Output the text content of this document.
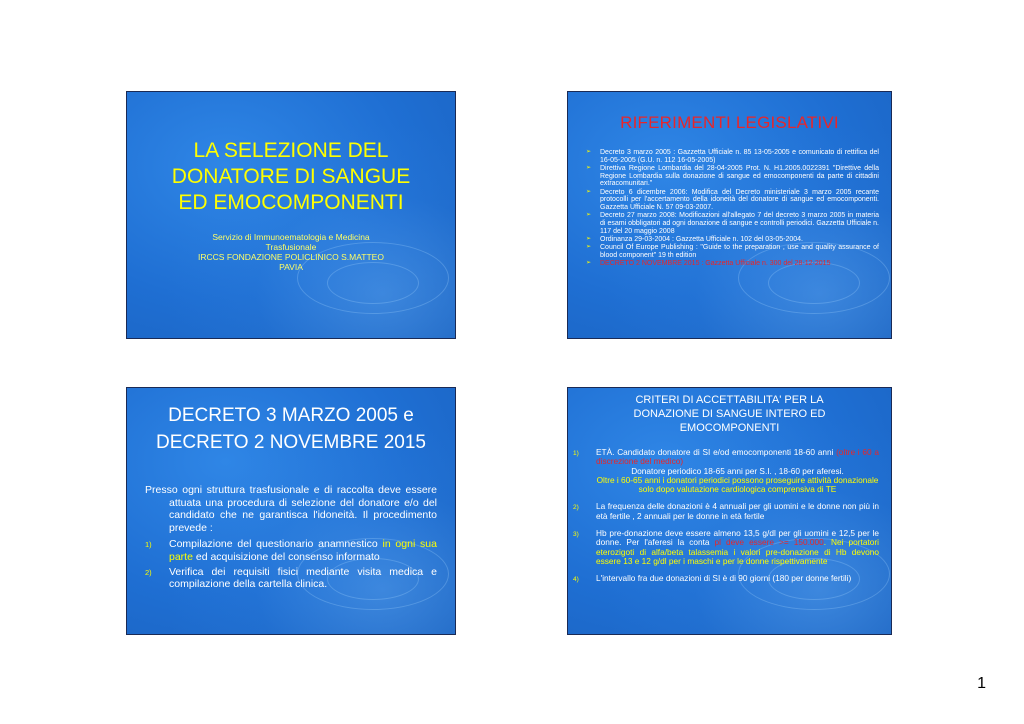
LA SELEZIONE DEL
DONATORE DI SANGUE
ED EMOCOMPONENTI
Servizio di Immunoematologia e Medicina
Trasfusionale
IRCCS FONDAZIONE POLICLINICO S.MATTEO
PAVIA
RIFERIMENTI LEGISLATIVI
➢ Decreto 3 marzo 2005 : Gazzetta Ufficiale n. 85 13-05-2005 e comunicato di rettifica del 16-05-2005 (G.U. n. 112 16-05-2005)
➢ Direttiva Regione Lombardia del 28-04-2005 Prot. N. H1.2005.0022391 "Direttive della Regione Lombardia sulla donazione di sangue ed emocomponenti da parte di cittadini extracomunitari."
➢ Decreto 6 dicembre 2006: Modifica del Decreto ministeriale 3 marzo 2005 recante protocolli per l'accertamento della idoneità del donatore di sangue ed emocomponenti. Gazzetta Ufficiale N. 57 09-03-2007.
➢ Decreto 27 marzo 2008: Modificazioni all'allegato 7 del decreto 3 marzo 2005 in materia di esami obbligatori ad ogni donazione di sangue e controlli periodici. Gazzetta Ufficiale n. 117 del 20 maggio 2008
➢ Ordinanza 29-03-2004 : Gazzetta Ufficiale n. 102 del 03-05-2004.
➢ Council Of Europe Publishing : "Guide to the preparation , use and quality assurance of blood component" 19 th edition
➢ DECRETO 2 NOVEMBRE 2015 : Gazzetta Ufficiale n. 300 del 28-12-2015
DECRETO 3 MARZO 2005 e
DECRETO 2 NOVEMBRE 2015

Presso ogni struttura trasfusionale e di raccolta deve essere attuata una procedura di selezione del donatore e/o del candidato che ne garantisca l'idoneità. Il procedimento prevede :

1) Compilazione del questionario anamnestico in ogni sua parte ed acquisizione del consenso informato
2) Verifica dei requisiti fisici mediante visita medica e compilazione della cartella clinica.
CRITERI DI ACCETTABILITA' PER LA
DONAZIONE DI SANGUE INTERO ED
EMOCOMPONENTI
1) ETÀ. Candidato donatore di SI e/od emocomponenti 18-60 anni (oltre i 60 a discrezione del medico)
Donatore periodico 18-65 anni per S.I. , 18-60 per aferesi.
Oltre i 60-65 anni i donatori periodici possono proseguire attività donazionale solo dopo valutazione cardiologica comprensiva di TE
2) La frequenza delle donazioni è 4 annuali per gli uomini e le donne non più in età fertile , 2 annuali per le donne in età fertile
3) Hb pre-donazione deve essere almeno 13,5 g/dl per gli uomini e 12,5 per le donne. Per l'aferesi la conta pl deve essere >= 150.000. Nei portatori eterozigoti di alfa/beta talassemia i valori pre-donazione di Hb devono essere 13 e 12 g/dl per i maschi e per le donne rispettivamente
4) L'intervallo fra due donazioni di SI è di 90 giorni (180 per donne fertili)
1
